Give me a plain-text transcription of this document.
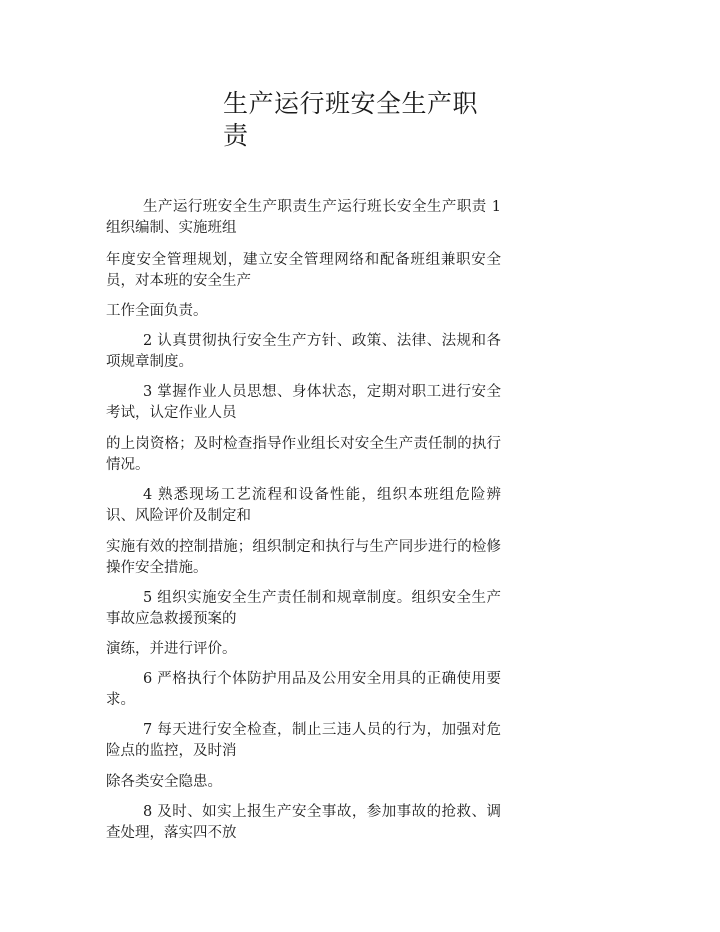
生产运行班安全生产职
责

生产运行班安全生产职责生产运行班长安全生产职责 1 组织编制、实施班组

年度安全管理规划，建立安全管理网络和配备班组兼职安全员，对本班的安全生产

工作全面负责。

2 认真贯彻执行安全生产方针、政策、法律、法规和各项规章制度。

3 掌握作业人员思想、身体状态，定期对职工进行安全考试，认定作业人员

的上岗资格；及时检查指导作业组长对安全生产责任制的执行情况。

4 熟悉现场工艺流程和设备性能，组织本班组危险辨识、风险评价及制定和

实施有效的控制措施；组织制定和执行与生产同步进行的检修操作安全措施。

5 组织实施安全生产责任制和规章制度。组织安全生产事故应急救援预案的

演练，并进行评价。

6 严格执行个体防护用品及公用安全用具的正确使用要求。

7 每天进行安全检查，制止三违人员的行为，加强对危险点的监控，及时消

除各类安全隐患。

8 及时、如实上报生产安全事故，参加事故的抢救、调查处理，落实四不放
